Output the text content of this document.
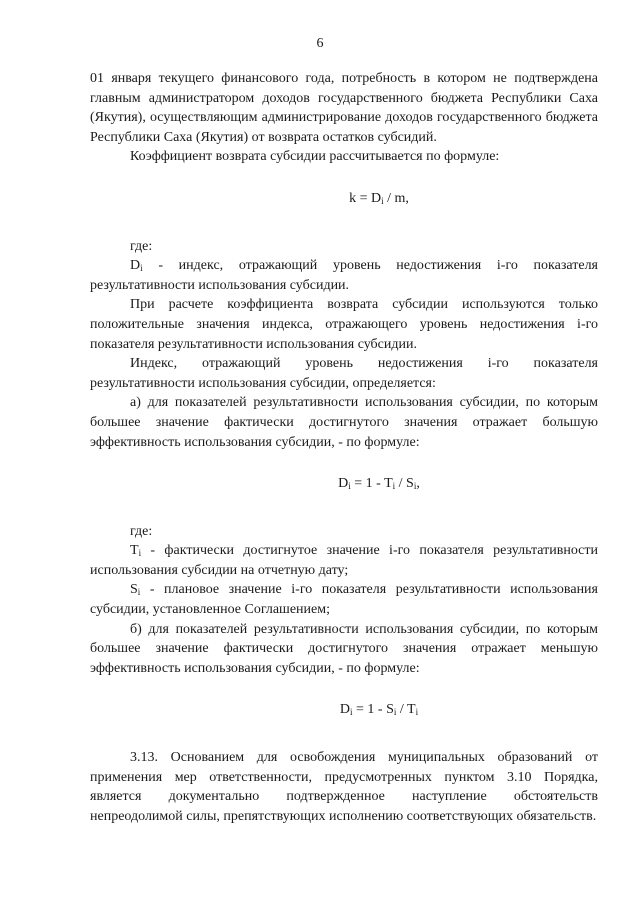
6

01 января текущего финансового года, потребность в котором не подтверждена главным администратором доходов государственного бюджета Республики Саха (Якутия), осуществляющим администрирование доходов государственного бюджета Республики Саха (Якутия) от возврата остатков субсидий.

Коэффициент возврата субсидии рассчитывается по формуле:

$k = D_i / m$,

где:

$D_i$ - индекс, отражающий уровень недостижения i-го показателя результативности использования субсидии.

При расчете коэффициента возврата субсидии используются только положительные значения индекса, отражающего уровень недостижения i-го показателя результативности использования субсидии.

Индекс, отражающий уровень недостижения i-го показателя результативности использования субсидии, определяется:

а) для показателей результативности использования субсидии, по которым большее значение фактически достигнутого значения отражает большую эффективность использования субсидии, - по формуле:

$D_i = 1 - T_i / S_i$,

где:

$T_i$ - фактически достигнутое значение i-го показателя результативности использования субсидии на отчетную дату;

$S_i$ - плановое значение i-го показателя результативности использования субсидии, установленное Соглашением;

б) для показателей результативности использования субсидии, по которым большее значение фактически достигнутого значения отражает меньшую эффективность использования субсидии, - по формуле:

$D_i = 1 - S_i / T_i$

3.13. Основанием для освобождения муниципальных образований от применения мер ответственности, предусмотренных пунктом 3.10 Порядка, является документально подтвержденное наступление обстоятельств непреодолимой силы, препятствующих исполнению соответствующих обязательств.
